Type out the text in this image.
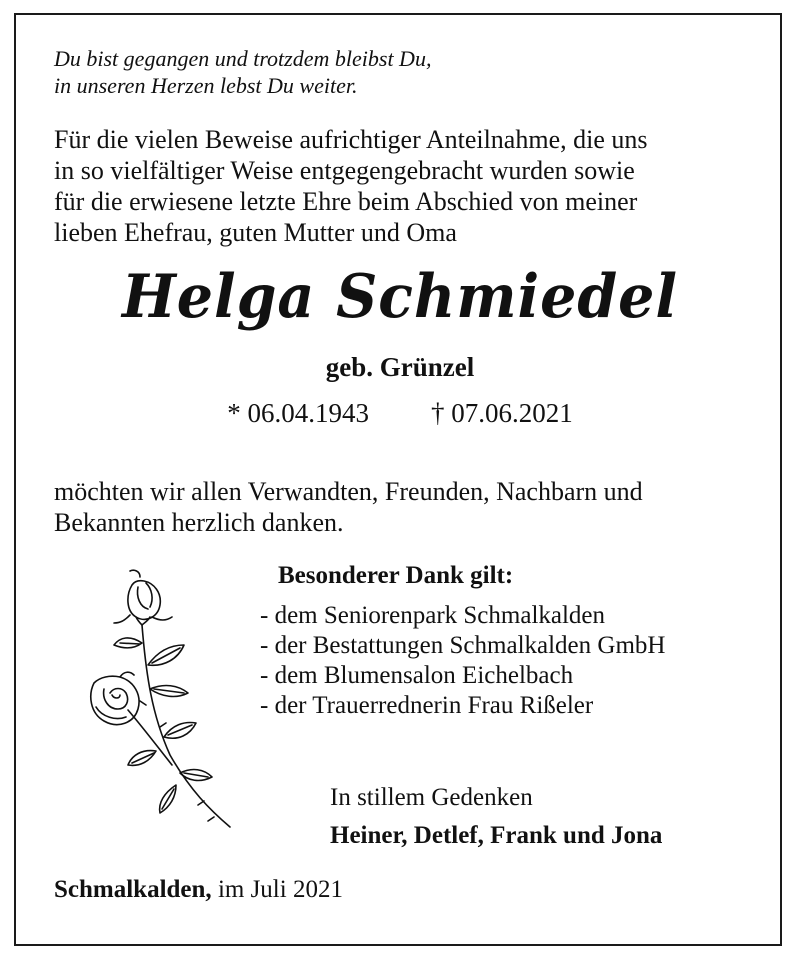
Du bist gegangen und trotzdem bleibst Du,
in unseren Herzen lebst Du weiter.
Für die vielen Beweise aufrichtiger Anteilnahme, die uns
in so vielfältiger Weise entgegengebracht wurden sowie
für die erwiesene letzte Ehre beim Abschied von meiner
lieben Ehefrau, guten Mutter und Oma
Helga Schmiedel
geb. Grünzel
* 06.04.1943 † 07.06.2021
möchten wir allen Verwandten, Freunden, Nachbarn und
Bekannten herzlich danken.
Besonderer Dank gilt:
- dem Seniorenpark Schmalkalden
- der Bestattungen Schmalkalden GmbH
- dem Blumensalon Eichelbach
- der Trauerrednerin Frau Rißeler
In stillem Gedenken
Heiner, Detlef, Frank und Jona
Schmalkalden, im Juli 2021
